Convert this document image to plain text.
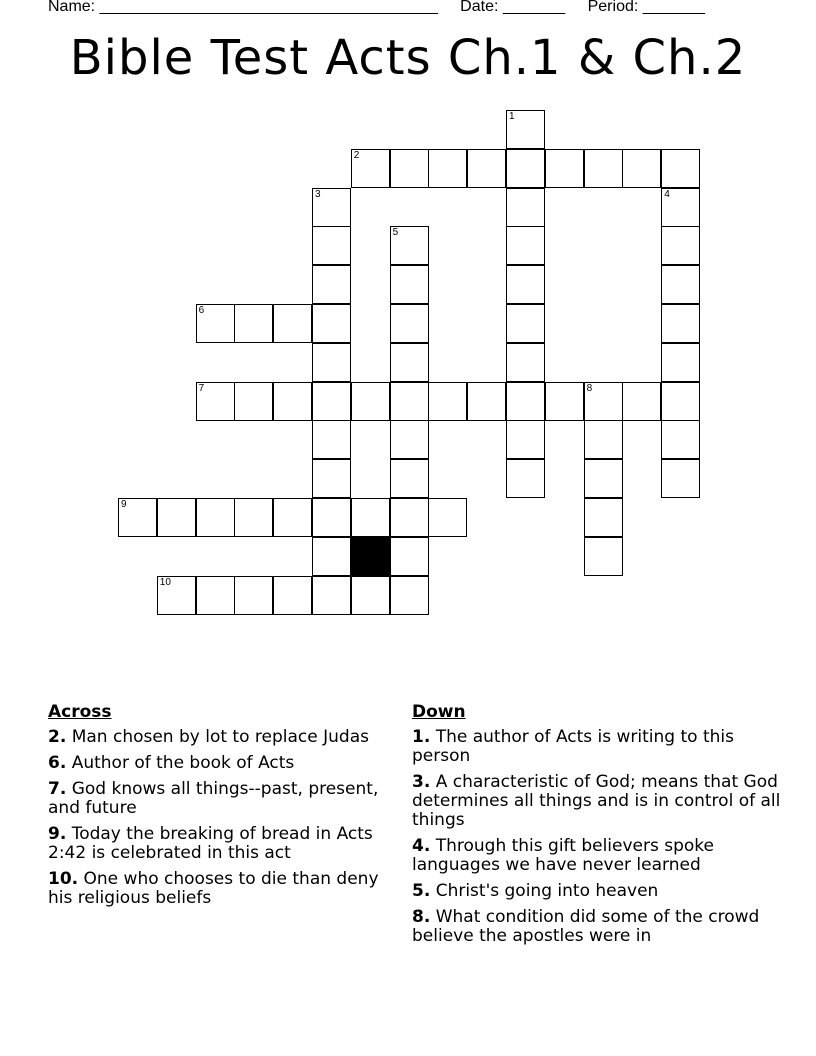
Name: ______________________________________ Date: _______ Period: _______
Bible Test Acts Ch.1 & Ch.2
1
2
3	4
5
6
7	8
9
10
Across
2. Man chosen by lot to replace Judas
6. Author of the book of Acts
7. God knows all things--past, present, and future
9. Today the breaking of bread in Acts 2:42 is celebrated in this act
10. One who chooses to die than deny his religious beliefs
Down
1. The author of Acts is writing to this person
3. A characteristic of God; means that God determines all things and is in control of all things
4. Through this gift believers spoke languages we have never learned
5. Christ's going into heaven
8. What condition did some of the crowd believe the apostles were in
